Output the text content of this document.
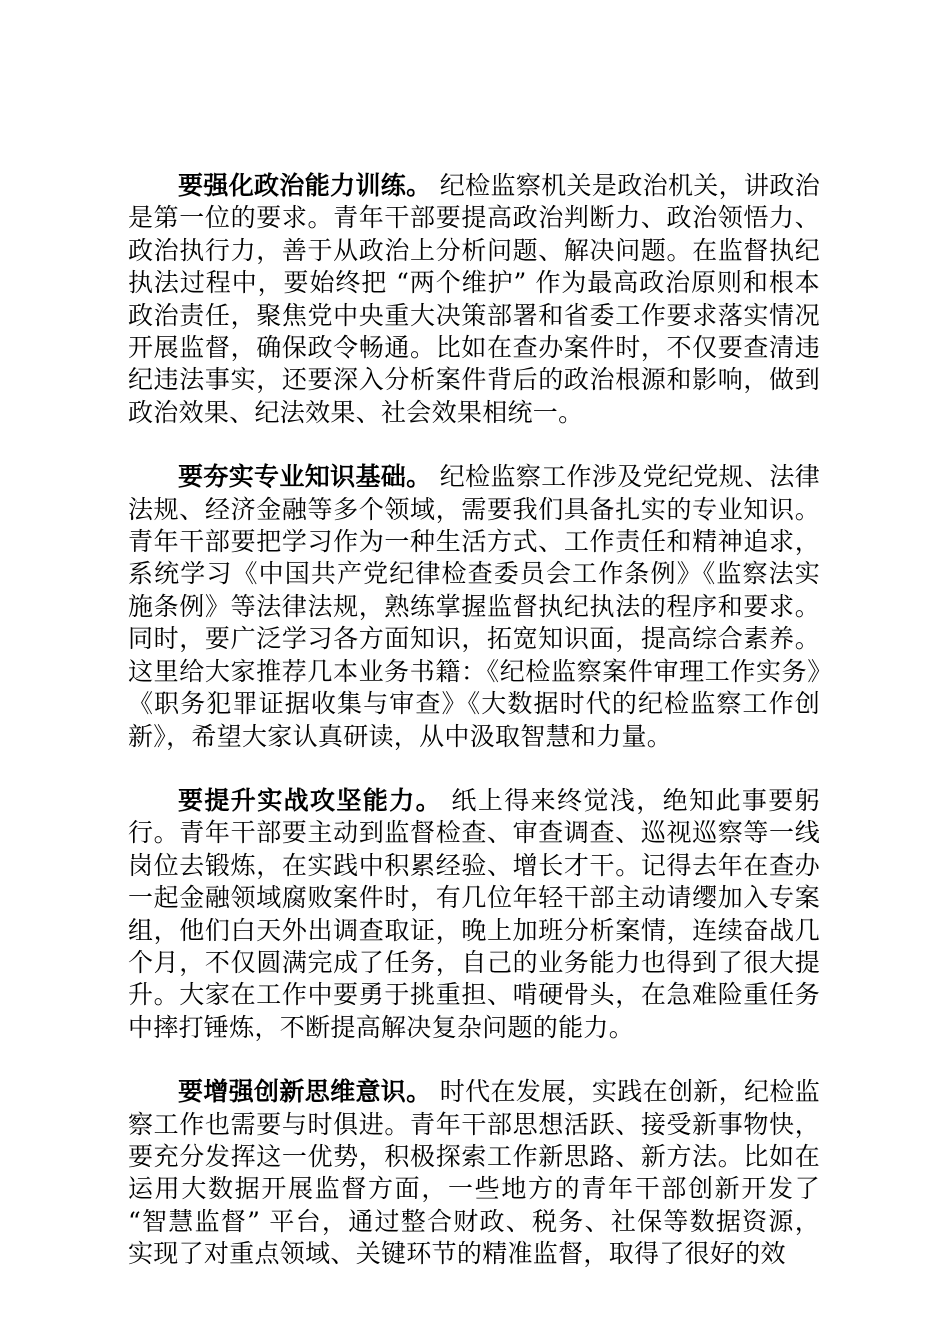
要强化政治能力训练。 纪检监察机关是政治机关，讲政治是第一位的要求。青年干部要提高政治判断力、政治领悟力、政治执行力，善于从政治上分析问题、解决问题。在监督执纪执法过程中，要始终把 “两个维护” 作为最高政治原则和根本政治责任，聚焦党中央重大决策部署和省委工作要求落实情况开展监督，确保政令畅通。比如在查办案件时，不仅要查清违纪违法事实，还要深入分析案件背后的政治根源和影响，做到政治效果、纪法效果、社会效果相统一。

要夯实专业知识基础。 纪检监察工作涉及党纪党规、法律法规、经济金融等多个领域，需要我们具备扎实的专业知识。青年干部要把学习作为一种生活方式、工作责任和精神追求，系统学习《中国共产党纪律检查委员会工作条例》《监察法实施条例》等法律法规，熟练掌握监督执纪执法的程序和要求。同时，要广泛学习各方面知识，拓宽知识面，提高综合素养。这里给大家推荐几本业务书籍：《纪检监察案件审理工作实务》《职务犯罪证据收集与审查》《大数据时代的纪检监察工作创新》，希望大家认真研读，从中汲取智慧和力量。

要提升实战攻坚能力。 纸上得来终觉浅，绝知此事要躬行。青年干部要主动到监督检查、审查调查、巡视巡察等一线岗位去锻炼，在实践中积累经验、增长才干。记得去年在查办一起金融领域腐败案件时，有几位年轻干部主动请缨加入专案组，他们白天外出调查取证，晚上加班分析案情，连续奋战几个月，不仅圆满完成了任务，自己的业务能力也得到了很大提升。大家在工作中要勇于挑重担、啃硬骨头，在急难险重任务中摔打锤炼，不断提高解决复杂问题的能力。

要增强创新思维意识。 时代在发展，实践在创新，纪检监察工作也需要与时俱进。青年干部思想活跃、接受新事物快，要充分发挥这一优势，积极探索工作新思路、新方法。比如在运用大数据开展监督方面，一些地方的青年干部创新开发了 “智慧监督” 平台，通过整合财政、税务、社保等数据资源，实现了对重点领域、关键环节的精准监督，取得了很好的效
